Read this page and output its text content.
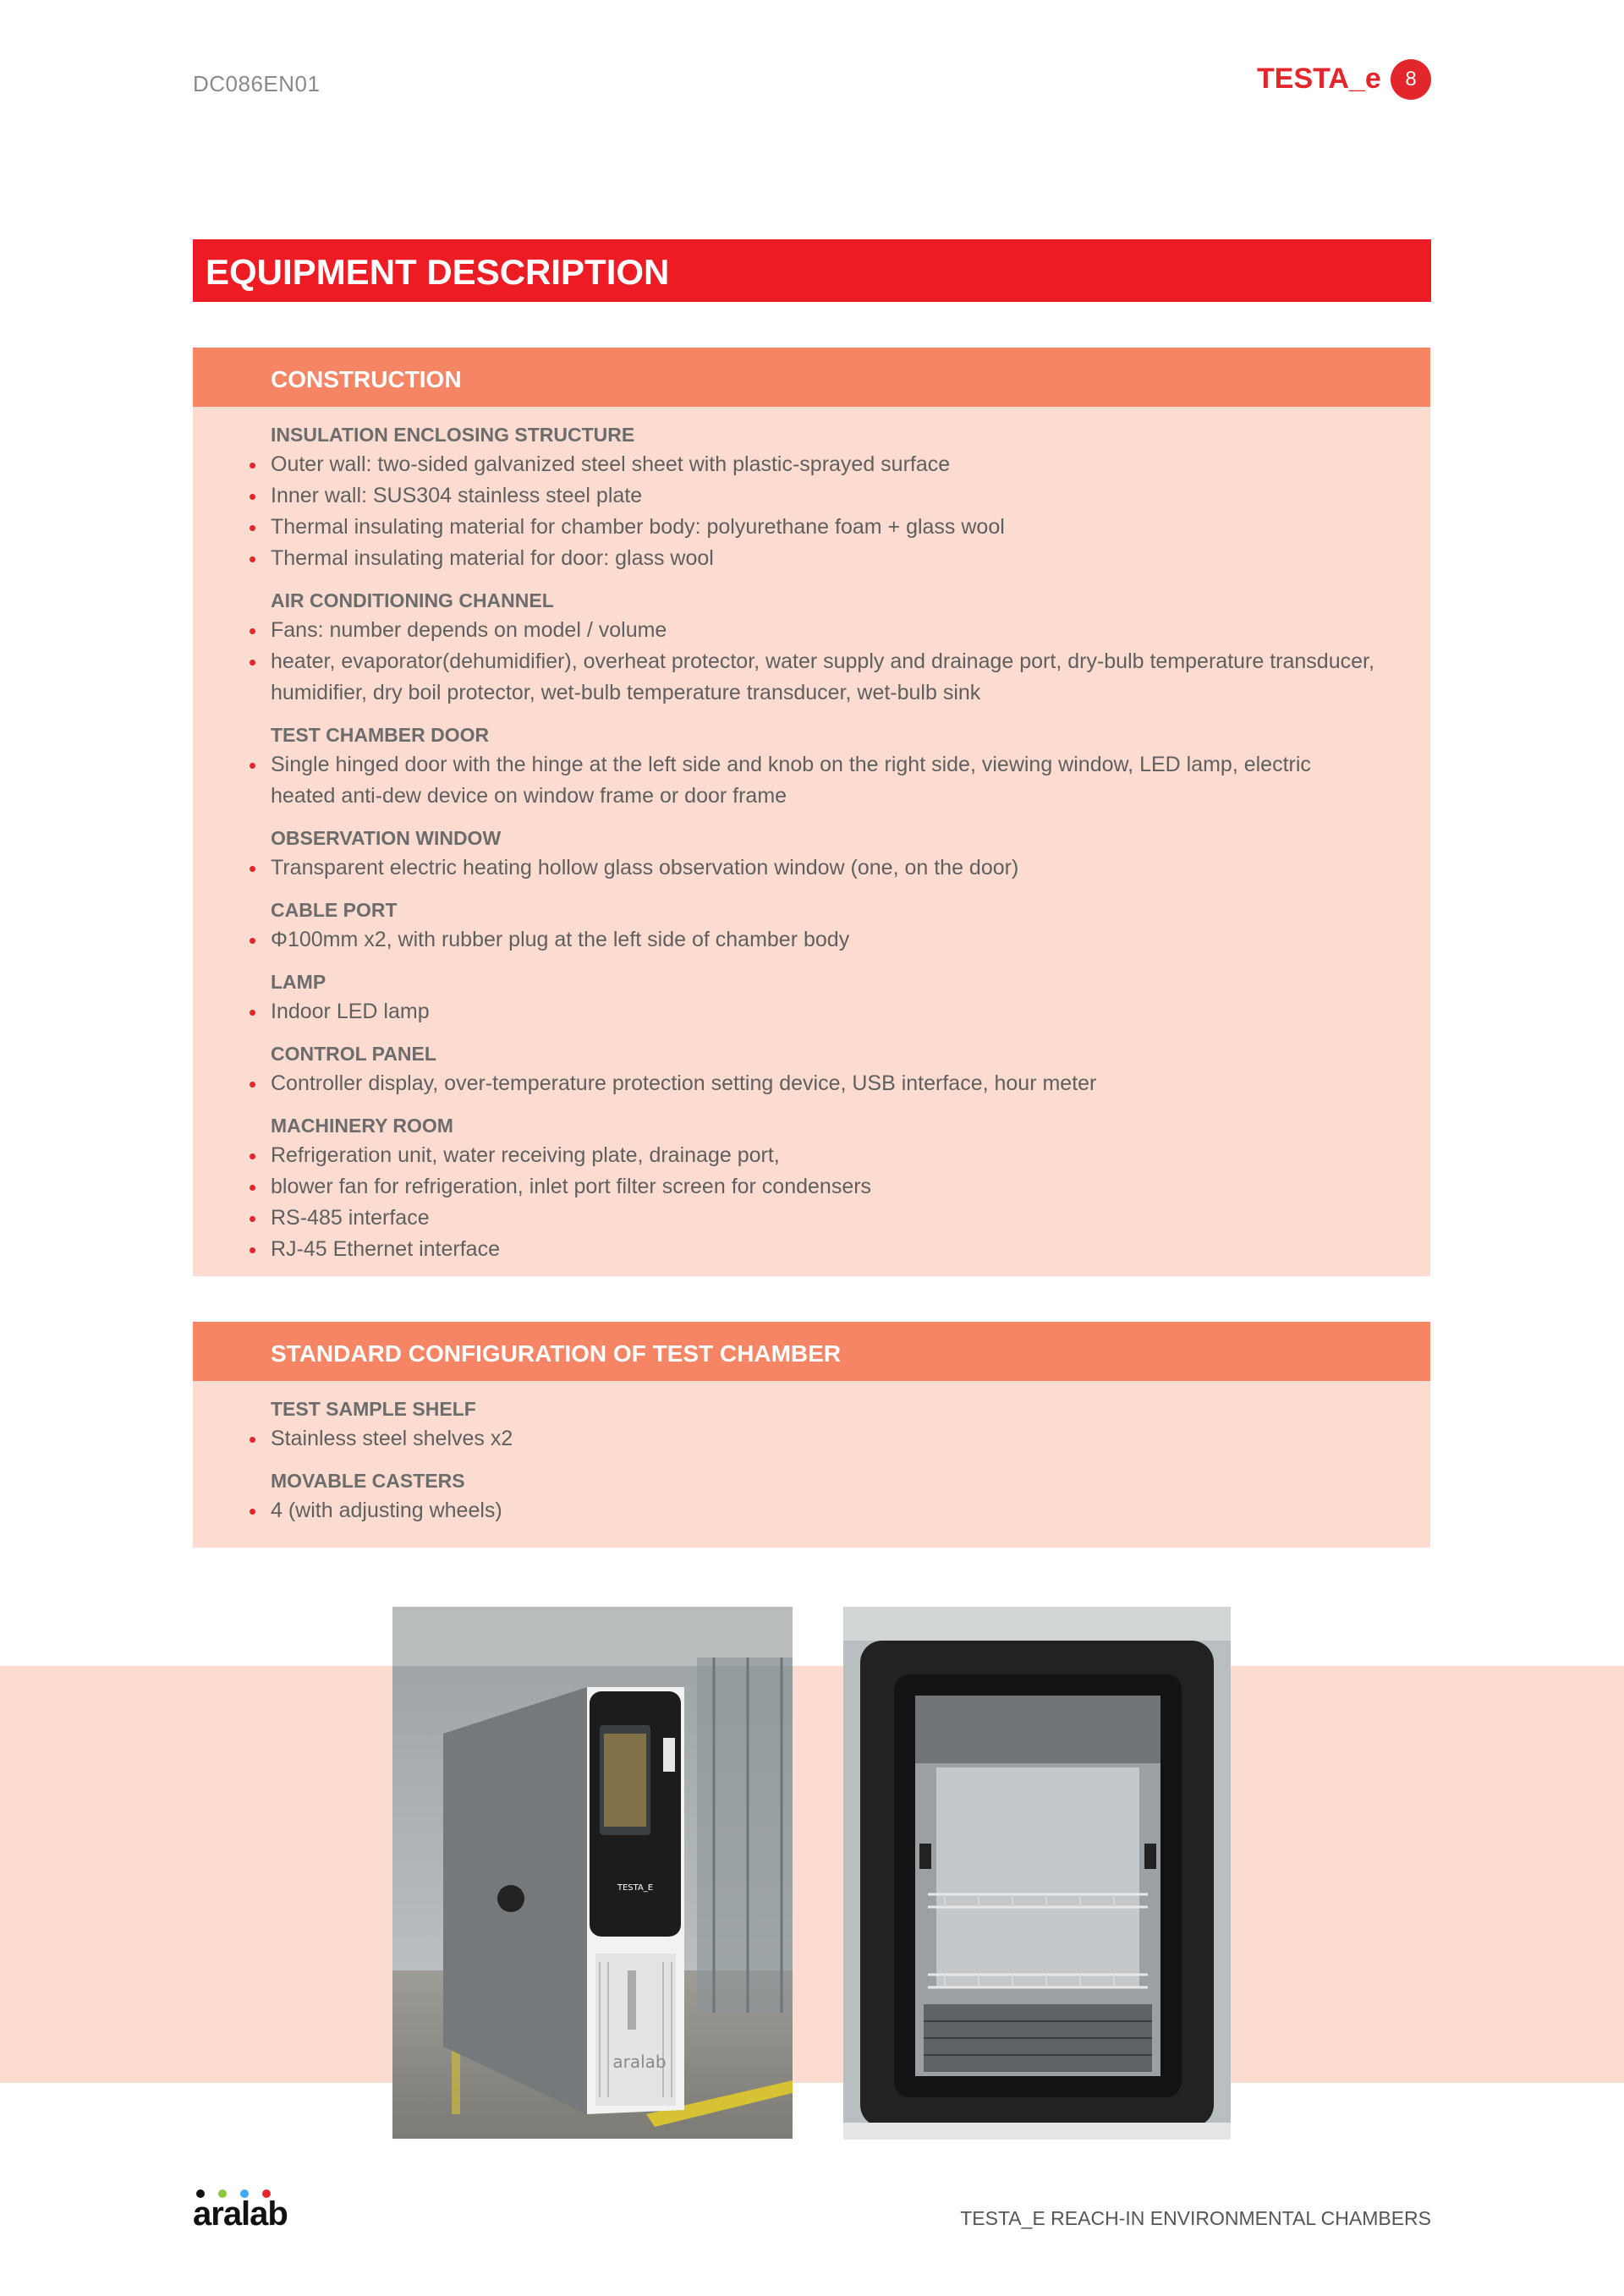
DC086EN01	TESTA_e	8
EQUIPMENT DESCRIPTION
CONSTRUCTION
INSULATION ENCLOSING STRUCTURE
Outer wall: two-sided galvanized steel sheet with plastic-sprayed surface
Inner wall: SUS304 stainless steel plate
Thermal insulating material for chamber body: polyurethane foam + glass wool
Thermal insulating material for door: glass wool
AIR CONDITIONING CHANNEL
Fans: number depends on model / volume
heater, evaporator(dehumidifier), overheat protector, water supply and drainage port, dry-bulb temperature transducer, humidifier, dry boil protector, wet-bulb temperature transducer, wet-bulb sink
TEST CHAMBER DOOR
Single hinged door with the hinge at the left side and knob on the right side, viewing window, LED lamp, electric heated anti-dew device on window frame or door frame
OBSERVATION WINDOW
Transparent electric heating hollow glass observation window (one, on the door)
CABLE PORT
Φ100mm x2, with rubber plug at the left side of chamber body
LAMP
Indoor LED lamp
CONTROL PANEL
Controller display, over-temperature protection setting device, USB interface, hour meter
MACHINERY ROOM
Refrigeration unit, water receiving plate, drainage port,
blower fan for refrigeration, inlet port filter screen for condensers
RS-485 interface
RJ-45 Ethernet interface
STANDARD CONFIGURATION OF TEST CHAMBER
TEST SAMPLE SHELF
Stainless steel shelves x2
MOVABLE CASTERS
4 (with adjusting wheels)
TESTA_E
aralab
aralab	TESTA_E REACH-IN ENVIRONMENTAL CHAMBERS
